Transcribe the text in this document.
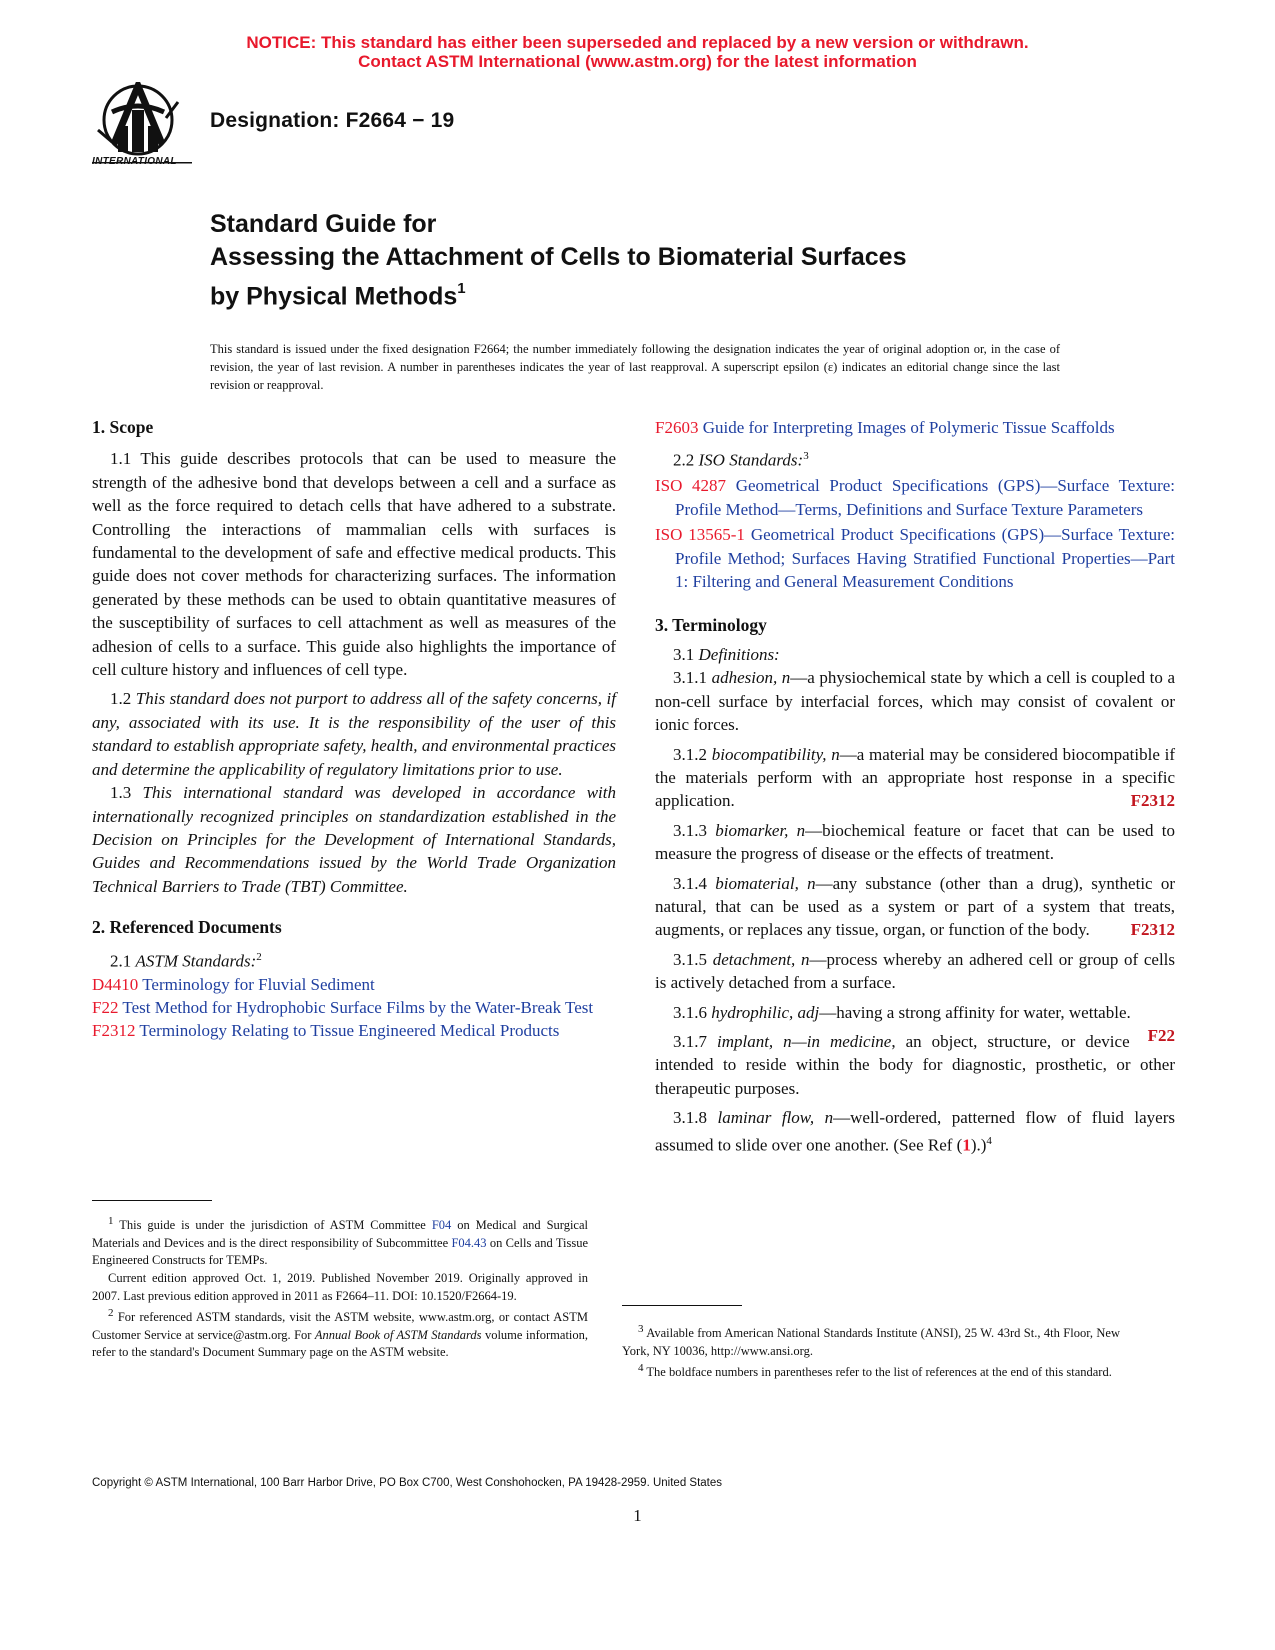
NOTICE: This standard has either been superseded and replaced by a new version or withdrawn.
Contact ASTM International (www.astm.org) for the latest information
INTERNATIONAL
Designation: F2664 − 19
Standard Guide for
Assessing the Attachment of Cells to Biomaterial Surfaces
by Physical Methods$^1$
This standard is issued under the fixed designation F2664; the number immediately following the designation indicates the year of original adoption or, in the case of revision, the year of last revision. A number in parentheses indicates the year of last reapproval. A superscript epsilon (ε) indicates an editorial change since the last revision or reapproval.

1. Scope

1.1 This guide describes protocols that can be used to measure the strength of the adhesive bond that develops between a cell and a surface as well as the force required to detach cells that have adhered to a substrate. Controlling the interactions of mammalian cells with surfaces is fundamental to the development of safe and effective medical products. This guide does not cover methods for characterizing surfaces. The information generated by these methods can be used to obtain quantitative measures of the susceptibility of surfaces to cell attachment as well as measures of the adhesion of cells to a surface. This guide also highlights the importance of cell culture history and influences of cell type.

1.2 This standard does not purport to address all of the safety concerns, if any, associated with its use. It is the responsibility of the user of this standard to establish appropriate safety, health, and environmental practices and determine the applicability of regulatory limitations prior to use.

1.3 This international standard was developed in accordance with internationally recognized principles on standardization established in the Decision on Principles for the Development of International Standards, Guides and Recommendations issued by the World Trade Organization Technical Barriers to Trade (TBT) Committee.

2. Referenced Documents

2.1 ASTM Standards:$^2$

D4410 Terminology for Fluvial Sediment

F22 Test Method for Hydrophobic Surface Films by the Water-Break Test

F2312 Terminology Relating to Tissue Engineered Medical Products

$^1$ This guide is under the jurisdiction of ASTM Committee F04 on Medical and Surgical Materials and Devices and is the direct responsibility of Subcommittee F04.43 on Cells and Tissue Engineered Constructs for TEMPs.

Current edition approved Oct. 1, 2019. Published November 2019. Originally approved in 2007. Last previous edition approved in 2011 as F2664–11. DOI: 10.1520/F2664-19.

$^2$ For referenced ASTM standards, visit the ASTM website, www.astm.org, or contact ASTM Customer Service at service@astm.org. For Annual Book of ASTM Standards volume information, refer to the standard's Document Summary page on the ASTM website.

F2603 Guide for Interpreting Images of Polymeric Tissue Scaffolds

2.2 ISO Standards:$^3$

ISO 4287 Geometrical Product Specifications (GPS)—Surface Texture: Profile Method—Terms, Definitions and Surface Texture Parameters

ISO 13565-1 Geometrical Product Specifications (GPS)—Surface Texture: Profile Method; Surfaces Having Stratified Functional Properties—Part 1: Filtering and General Measurement Conditions

3. Terminology

3.1 Definitions:

3.1.1 adhesion, n—a physiochemical state by which a cell is coupled to a non-cell surface by interfacial forces, which may consist of covalent or ionic forces.

3.1.2 biocompatibility, n—a material may be considered biocompatible if the materials perform with an appropriate host response in a specific application.	F2312

3.1.3 biomarker, n—biochemical feature or facet that can be used to measure the progress of disease or the effects of treatment.

3.1.4 biomaterial, n—any substance (other than a drug), synthetic or natural, that can be used as a system or part of a system that treats, augments, or replaces any tissue, organ, or function of the body.	F2312

3.1.5 detachment, n—process whereby an adhered cell or group of cells is actively detached from a surface.

3.1.6 hydrophilic, adj—having a strong affinity for water, wettable.
F22

3.1.7 implant, n—in medicine, an object, structure, or device intended to reside within the body for diagnostic, prosthetic, or other therapeutic purposes.

3.1.8 laminar flow, n—well-ordered, patterned flow of fluid layers assumed to slide over one another. (See Ref (1).)$^4$

$^3$ Available from American National Standards Institute (ANSI), 25 W. 43rd St., 4th Floor, New York, NY 10036, http://www.ansi.org.

$^4$ The boldface numbers in parentheses refer to the list of references at the end of this standard.

Copyright © ASTM International, 100 Barr Harbor Drive, PO Box C700, West Conshohocken, PA 19428-2959. United States
1
